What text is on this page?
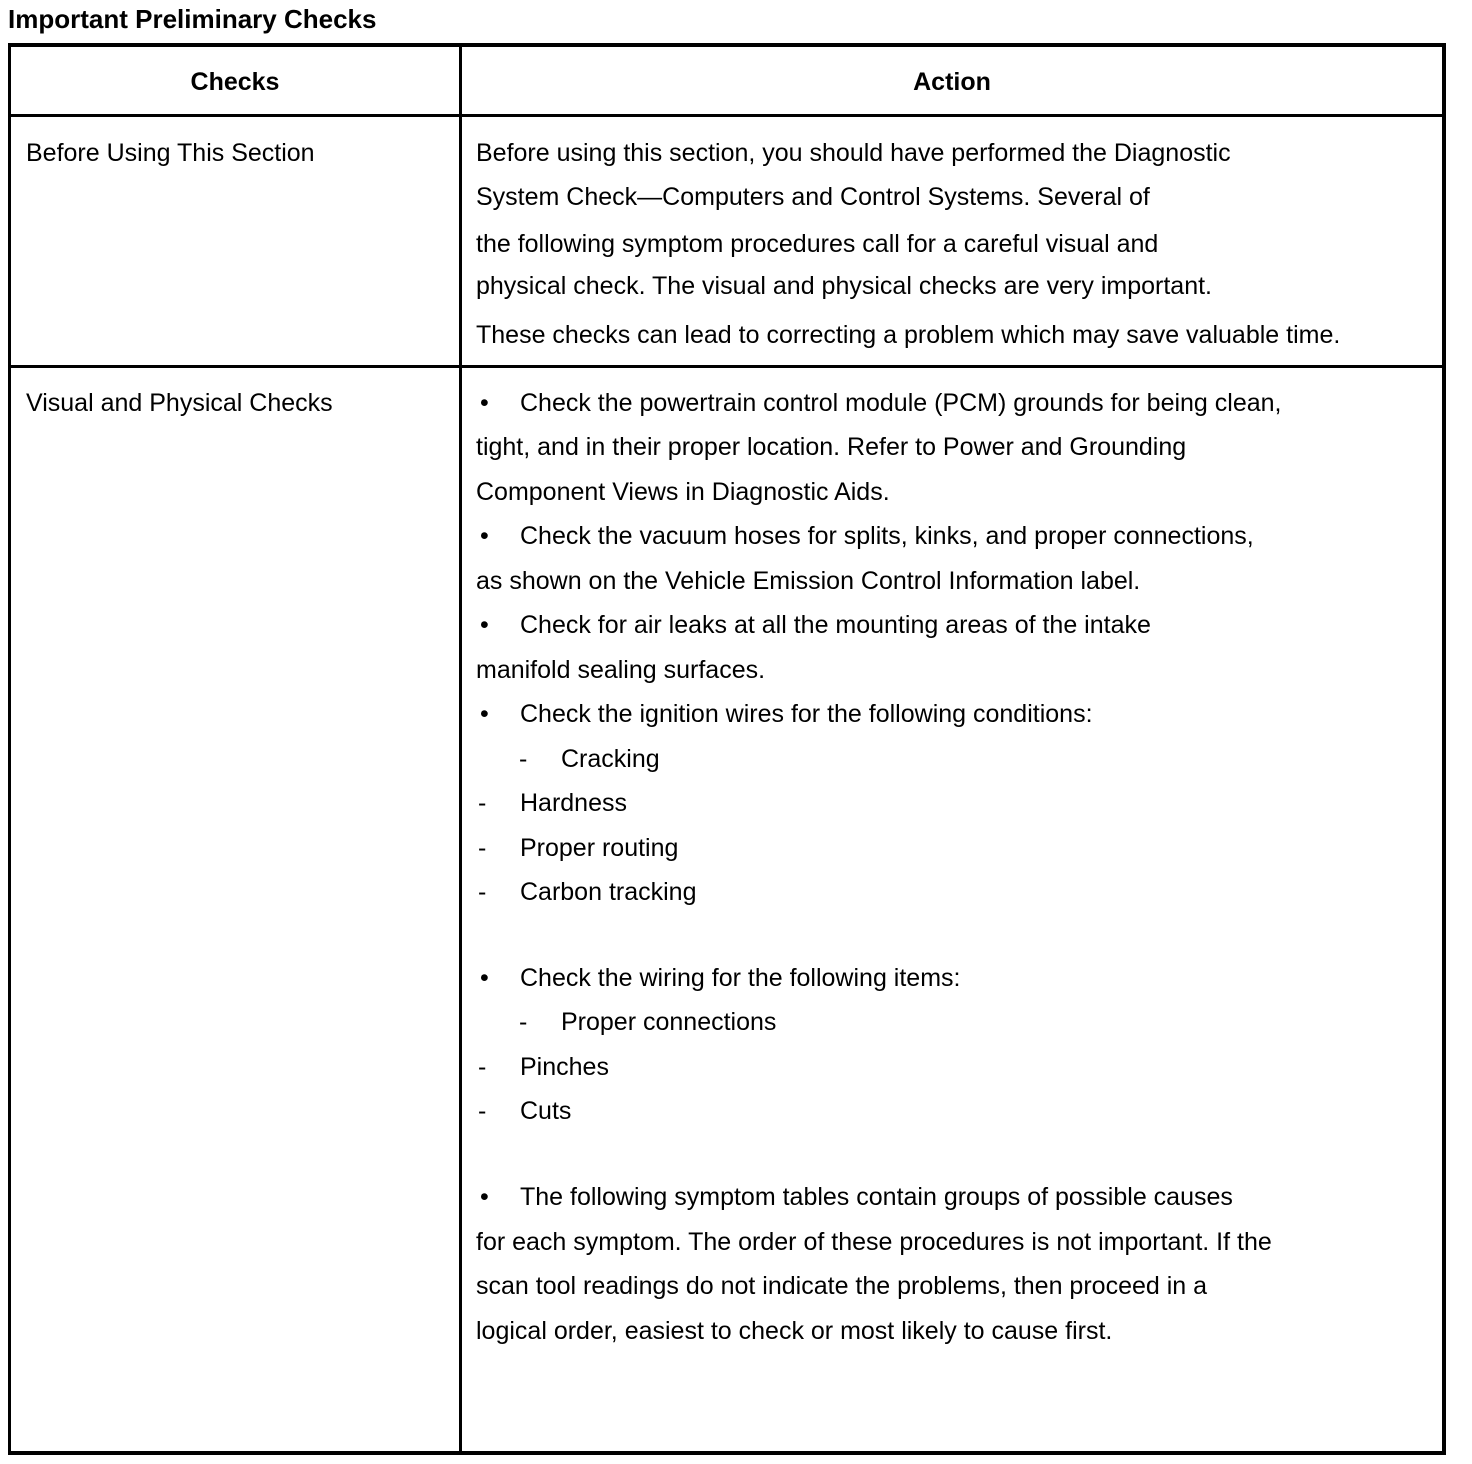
Important Preliminary Checks
Checks	Action
Before Using This Section	Before using this section, you should have performed the Diagnostic
System Check—Computers and Control Systems. Several of
the following symptom procedures call for a careful visual and
physical check. The visual and physical checks are very important.
These checks can lead to correcting a problem which may save valuable time.
Visual and Physical Checks	• Check the powertrain control module (PCM) grounds for being clean,
tight, and in their proper location. Refer to Power and Grounding
Component Views in Diagnostic Aids.
• Check the vacuum hoses for splits, kinks, and proper connections,
as shown on the Vehicle Emission Control Information label.
• Check for air leaks at all the mounting areas of the intake
manifold sealing surfaces.
• Check the ignition wires for the following conditions:
- Cracking
- Hardness
- Proper routing
- Carbon tracking
• Check the wiring for the following items:
- Proper connections
- Pinches
- Cuts
• The following symptom tables contain groups of possible causes
for each symptom. The order of these procedures is not important. If the
scan tool readings do not indicate the problems, then proceed in a
logical order, easiest to check or most likely to cause first.
